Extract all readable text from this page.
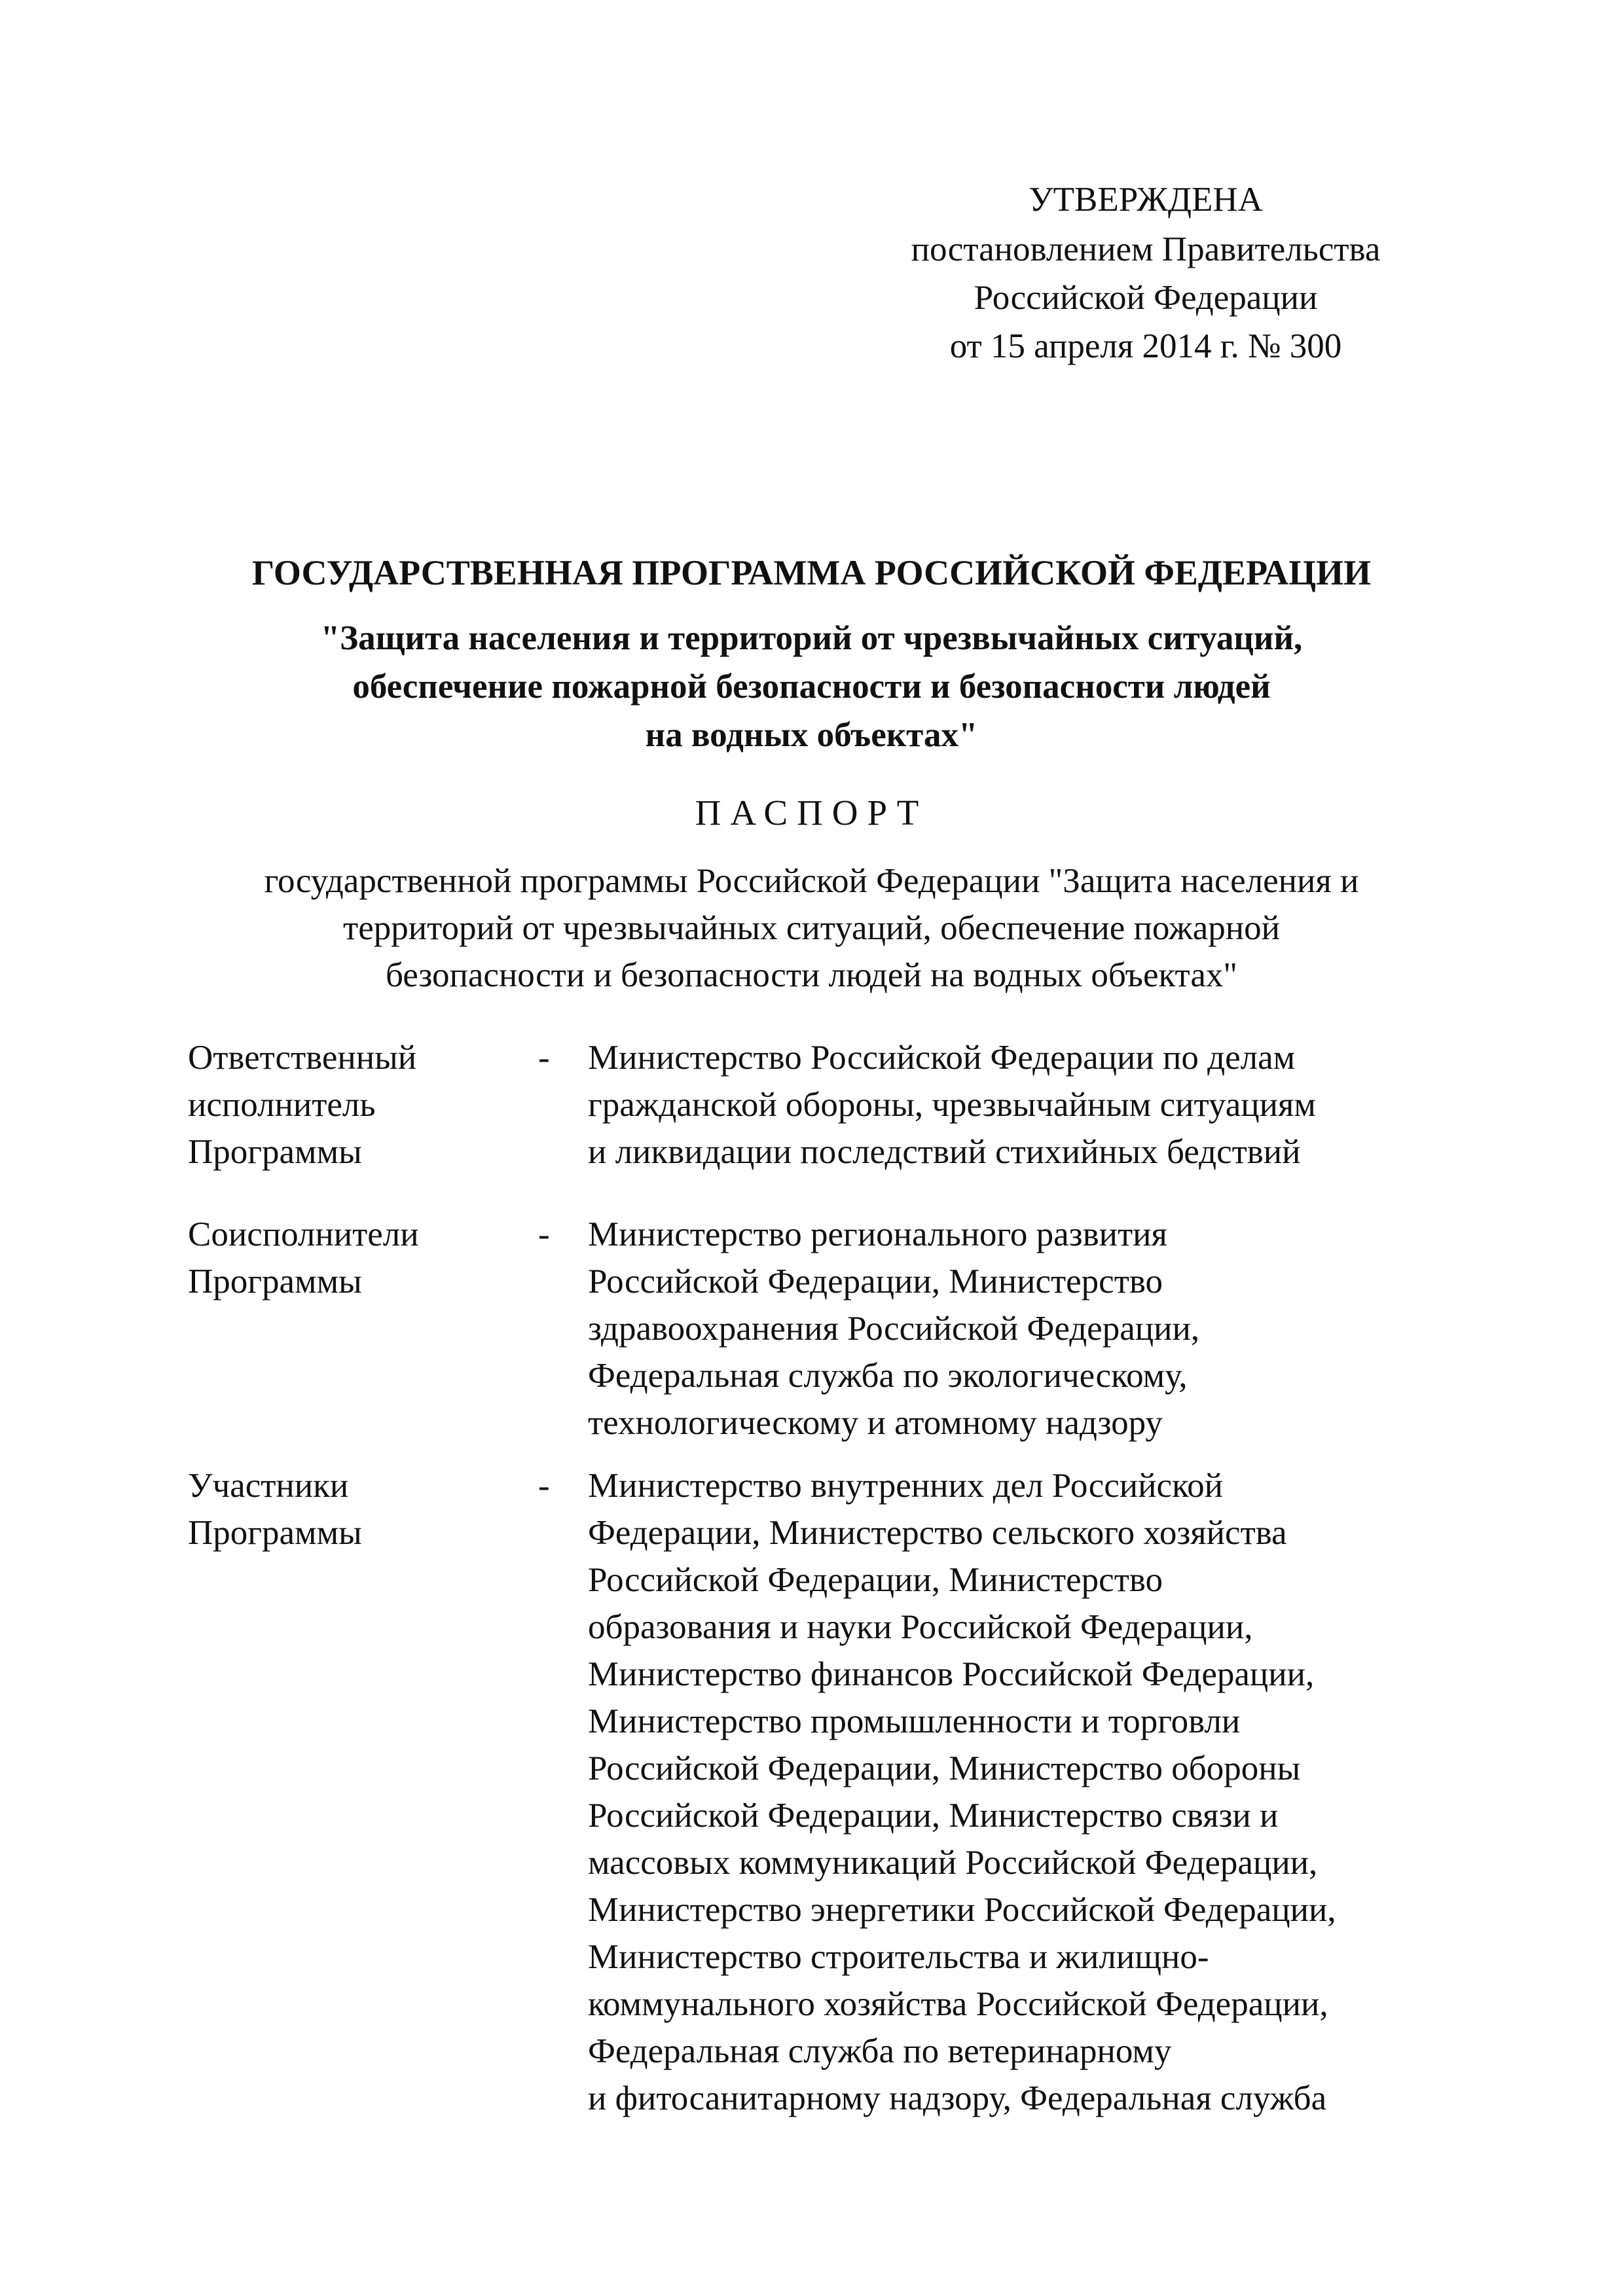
УТВЕРЖДЕНА
постановлением Правительства
Российской Федерации
от 15 апреля 2014 г. № 300
ГОСУДАРСТВЕННАЯ ПРОГРАММА РОССИЙСКОЙ ФЕДЕРАЦИИ
"Защита населения и территорий от чрезвычайных ситуаций,
обеспечение пожарной безопасности и безопасности людей
на водных объектах"
ПАСПОРТ
государственной программы Российской Федерации "Защита населения и
территорий от чрезвычайных ситуаций, обеспечение пожарной
безопасности и безопасности людей на водных объектах"
Ответственный
исполнитель
Программы
- Министерство Российской Федерации по делам
гражданской обороны, чрезвычайным ситуациям
и ликвидации последствий стихийных бедствий
Соисполнители
Программы
- Министерство регионального развития
Российской Федерации, Министерство
здравоохранения Российской Федерации,
Федеральная служба по экологическому,
технологическому и атомному надзору
Участники
Программы
- Министерство внутренних дел Российской
Федерации, Министерство сельского хозяйства
Российской Федерации, Министерство
образования и науки Российской Федерации,
Министерство финансов Российской Федерации,
Министерство промышленности и торговли
Российской Федерации, Министерство обороны
Российской Федерации, Министерство связи и
массовых коммуникаций Российской Федерации,
Министерство энергетики Российской Федерации,
Министерство строительства и жилищно-
коммунального хозяйства Российской Федерации,
Федеральная служба по ветеринарному
и фитосанитарному надзору, Федеральная служба
